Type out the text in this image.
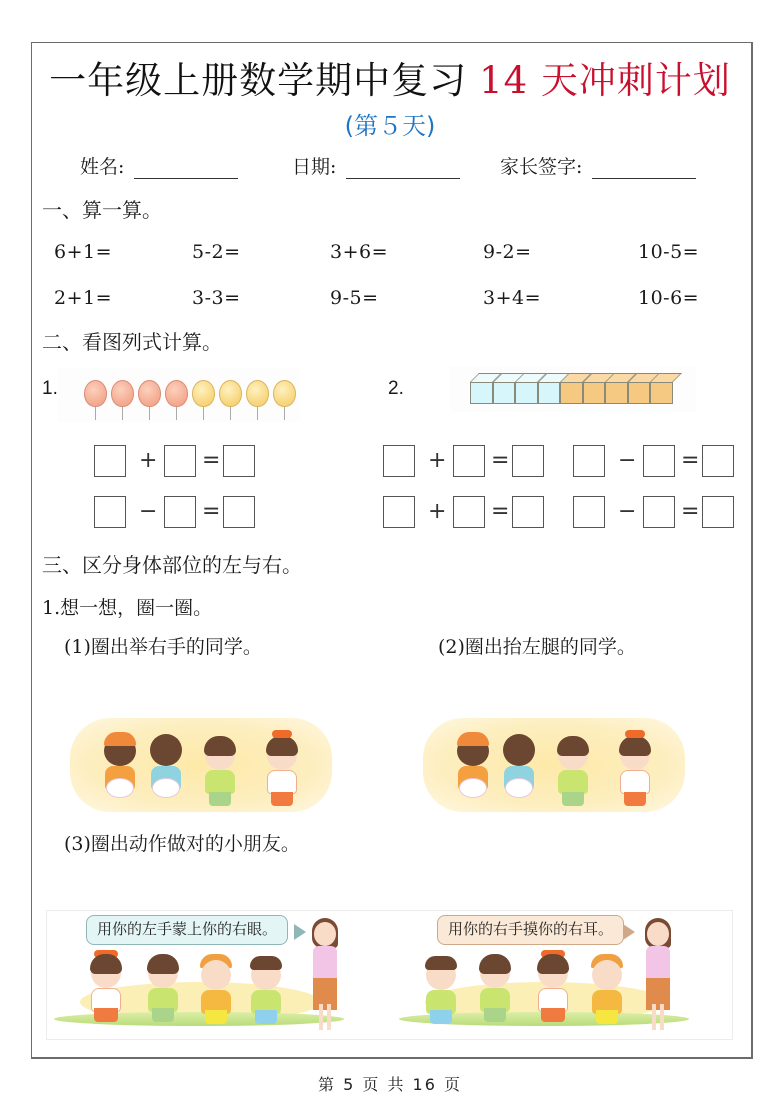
一年级上册数学期中复习 14 天冲刺计划
(第５天)
姓名:	日期:	家长签字:
一、算一算。
6+1=	5-2=	3+6=	9-2=	10-5=
2+1=	3-3=	9-5=	3+4=	10-6=
二、看图列式计算。
1.	2.
+ =
− =
+ =	− =
+ =	− =
三、区分身体部位的左与右。
1.想一想，圈一圈。
(1)圈出举右手的同学。	(2)圈出抬左腿的同学。
(3)圈出动作做对的小朋友。
用你的左手蒙上你的右眼。	用你的右手摸你的右耳。
第 5 页 共 16 页
